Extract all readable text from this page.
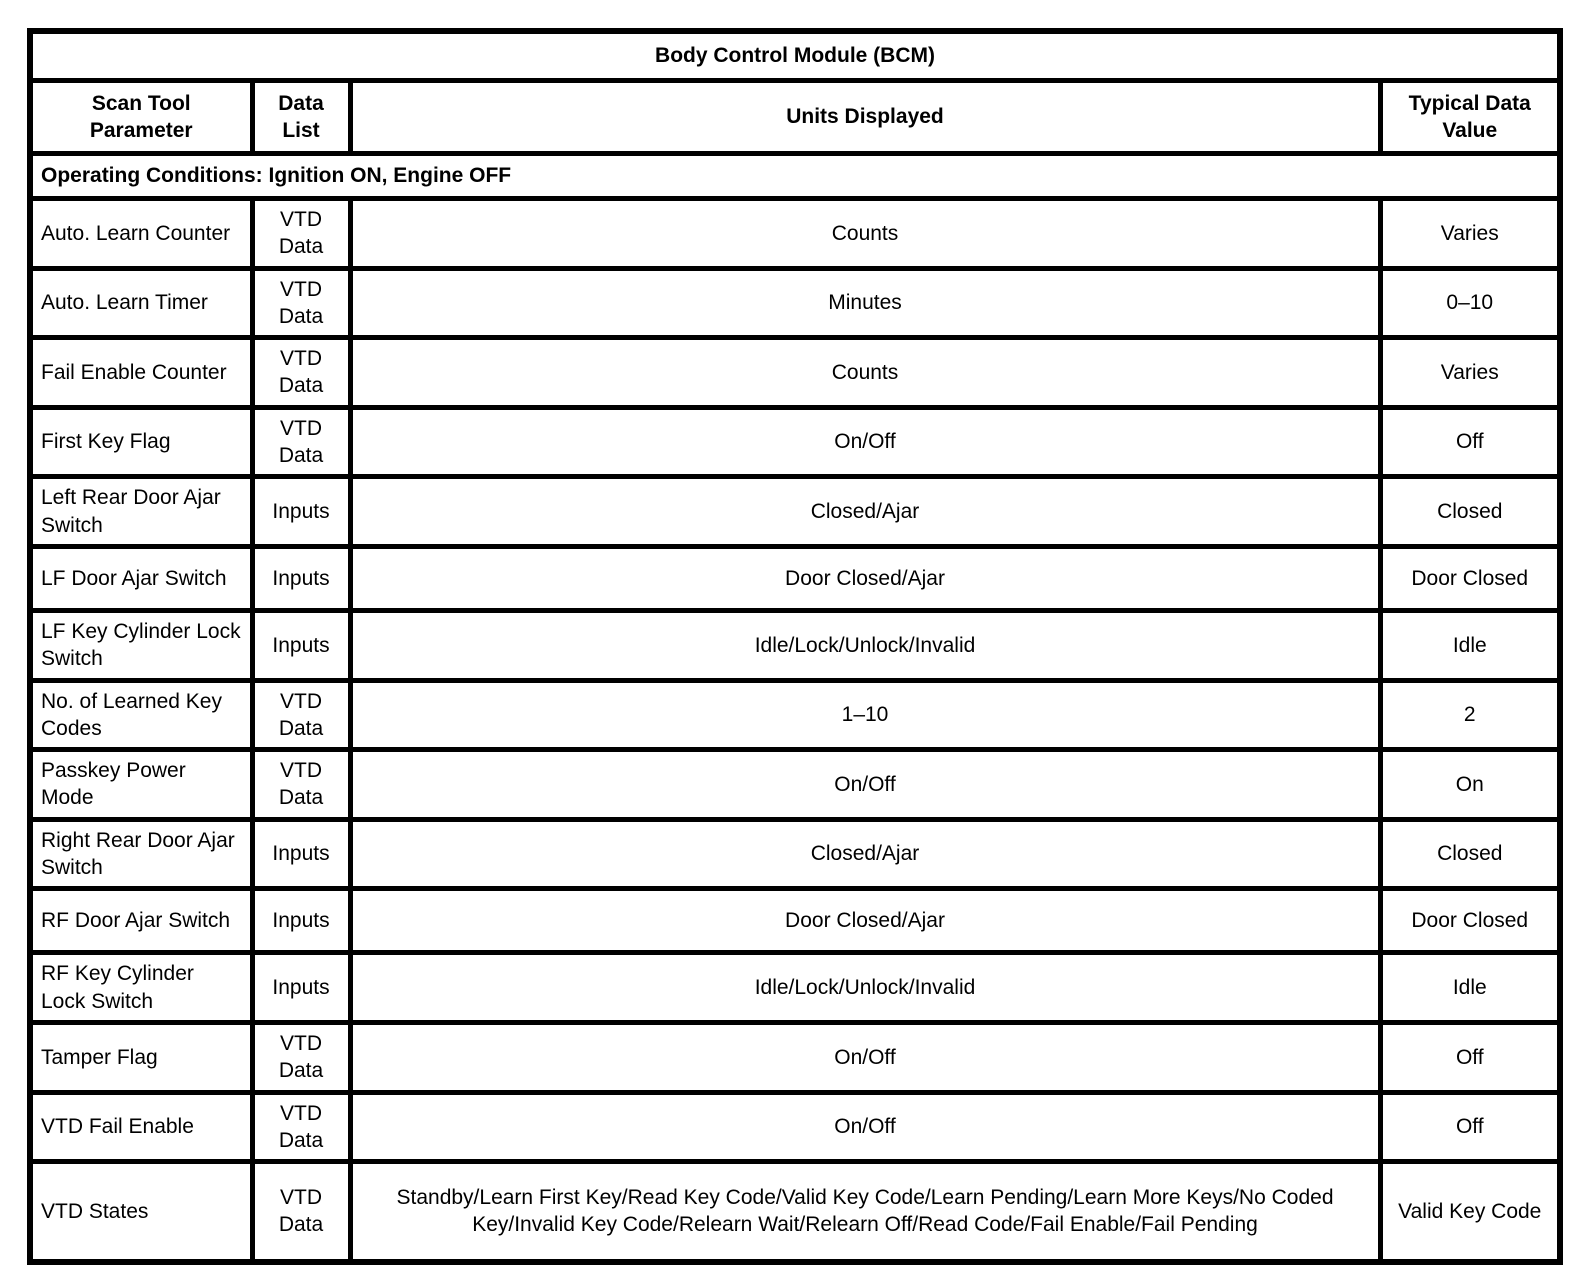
Body Control Module (BCM)			
Scan Tool Parameter	Data List	Units Displayed	Typical Data Value
Operating Conditions: Ignition ON, Engine OFF			
Auto. Learn Counter	VTD Data	Counts	Varies
Auto. Learn Timer	VTD Data	Minutes	0–10
Fail Enable Counter	VTD Data	Counts	Varies
First Key Flag	VTD Data	On/Off	Off
Left Rear Door Ajar Switch	Inputs	Closed/Ajar	Closed
LF Door Ajar Switch	Inputs	Door Closed/Ajar	Door Closed
LF Key Cylinder Lock Switch	Inputs	Idle/Lock/Unlock/Invalid	Idle
No. of Learned Key Codes	VTD Data	1–10	2
Passkey Power Mode	VTD Data	On/Off	On
Right Rear Door Ajar Switch	Inputs	Closed/Ajar	Closed
RF Door Ajar Switch	Inputs	Door Closed/Ajar	Door Closed
RF Key Cylinder Lock Switch	Inputs	Idle/Lock/Unlock/Invalid	Idle
Tamper Flag	VTD Data	On/Off	Off
VTD Fail Enable	VTD Data	On/Off	Off
VTD States	VTD Data	Standby/Learn First Key/Read Key Code/Valid Key Code/Learn Pending/Learn More Keys/No Coded Key/Invalid Key Code/Relearn Wait/Relearn Off/Read Code/Fail Enable/Fail Pending	Valid Key Code
